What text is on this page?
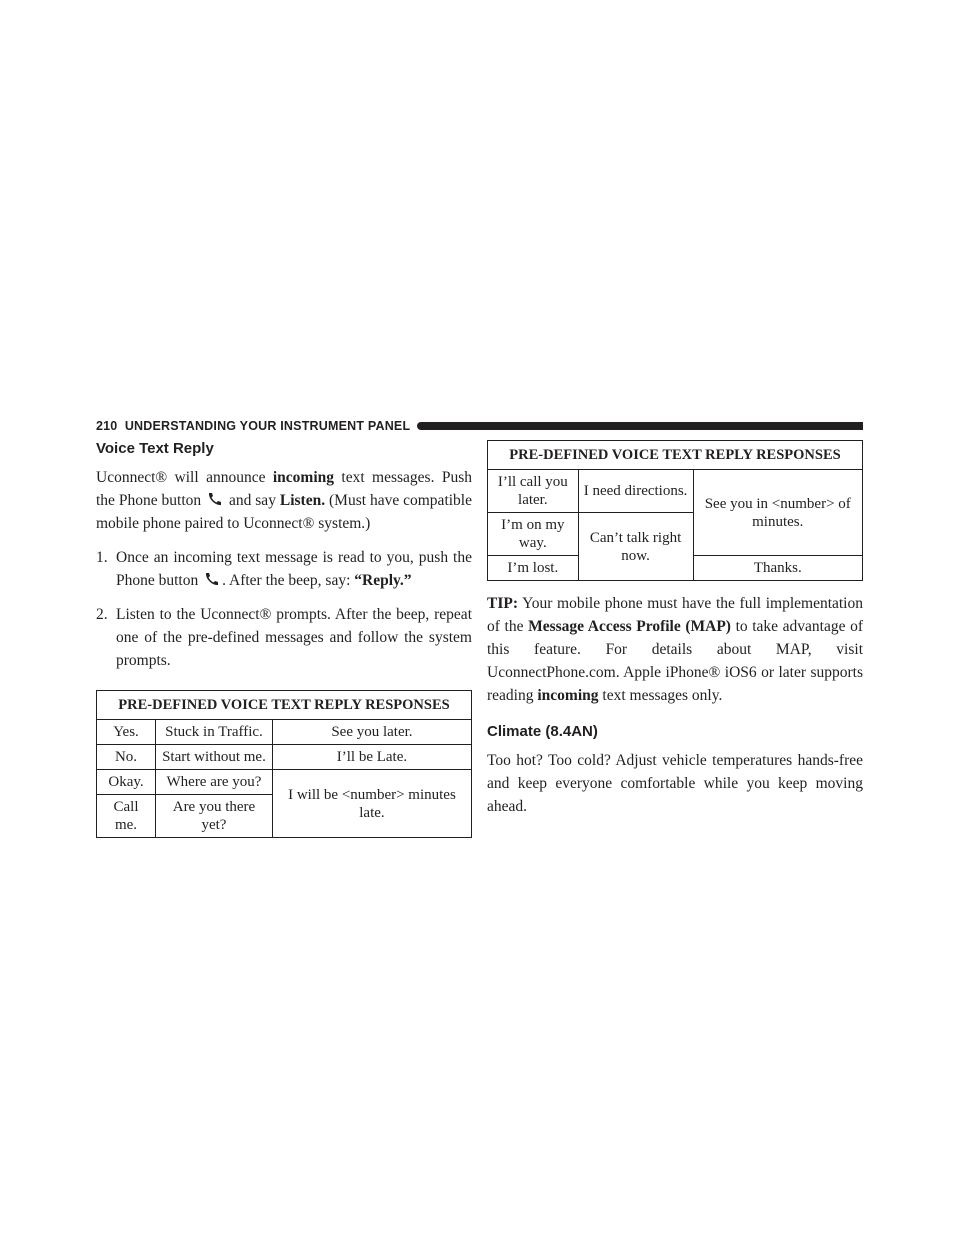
210 UNDERSTANDING YOUR INSTRUMENT PANEL
Voice Text Reply

Uconnect® will announce incoming text messages. Push the Phone button  and say Listen. (Must have compatible mobile phone paired to Uconnect® system.)

1. Once an incoming text message is read to you, push the Phone button . After the beep, say: “Reply.”
2. Listen to the Uconnect® prompts. After the beep, repeat one of the pre-defined messages and follow the system prompts.
PRE-DEFINED VOICE TEXT REPLY RESPONSES		
Yes.	Stuck in Traffic.	See you later.
No.	Start without me.	I’ll be Late.
Okay.	Where are you?	I will be <number> minutes late.
Call me.	Are you there yet?	
PRE-DEFINED VOICE TEXT REPLY RESPONSES		
I’ll call you later.	I need directions.	See you in <number> of minutes.
I’m on my way.	Can’t talk right now.	
I’m lost.		Thanks.

TIP: Your mobile phone must have the full implementation of the Message Access Profile (MAP) to take advantage of this feature. For details about MAP, visit UconnectPhone.com. Apple iPhone® iOS6 or later supports reading incoming text messages only.

Climate (8.4AN)

Too hot? Too cold? Adjust vehicle temperatures hands-free and keep everyone comfortable while you keep moving ahead.
